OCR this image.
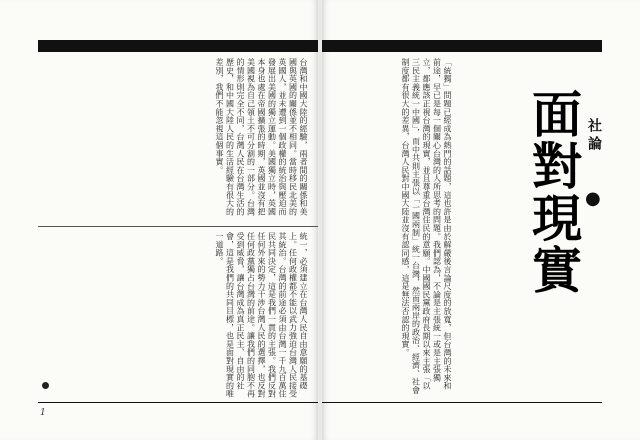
台灣和中國大陸的經驗，兩者間的關係和美國與英國的關係並不相同。當時移民北美的英國人，並未遭到一個政權的統治與壓迫而發展出美國的獨立運動。美國獨立時，英國本身也處在帝國擴張的時期，英國並沒有把美國視為自己領土不可分割的一部分。台灣的情形則完全不同，台灣人民在台灣生活的歷史，和中國大陸人民的生活經驗有很大的差別，我們不能忽視這個事實。
統一，必須建立在台灣人民自由意願的基礎上。任何政權都不能以武力強迫台灣人民接受其統治。台灣的前途必須由台灣一千九百萬住民共同決定，這是我們一貫的主張。我們反對任何外來的勢力干涉台灣人民的選擇，也反對任何政黨獨占台灣的前途。讓我們的同胞不再受到威脅，讓台灣成為真正民主、自由的社會，這是我們的共同目標，也是面對現實的唯一道路。
1
社論
●
面對現實
「統獨」問題已經成為熱門的話題，這也許是由於解嚴後言論尺度的放寬，但台灣的未來和前途，早已是每一個關心台灣的人所思考的問題。我們認為，不論是主張統一或是主張獨立，都應該正視台灣的現實，並且尊重台灣住民的意願。中國國民黨政府長期以來主張「以三民主義統一中國」，而中共則主張以「一國兩制」統一台灣，然而兩岸的政治、經濟、社會制度都有很大的差異，台灣人民對中國大陸並沒有認同感，這是無法否認的現實。
